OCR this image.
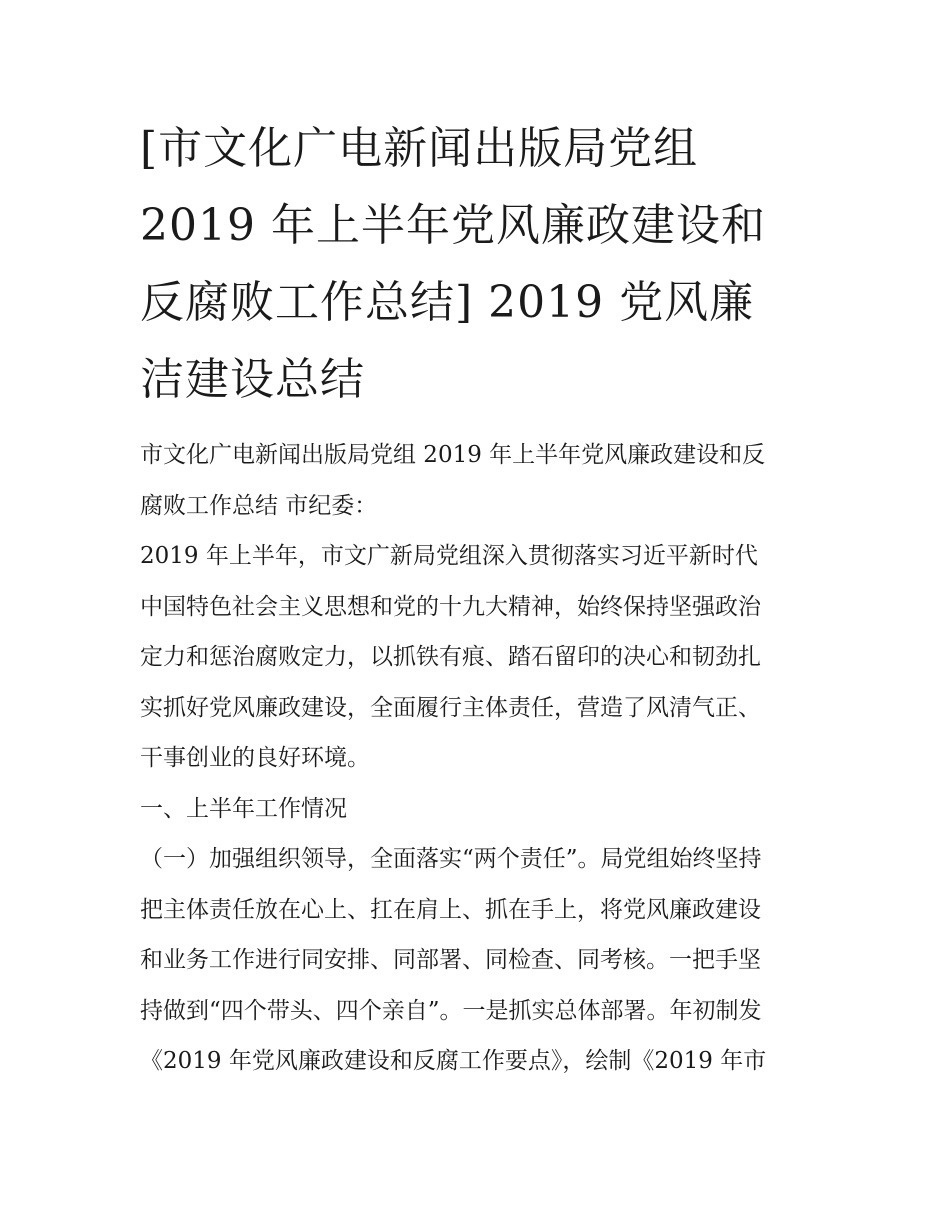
[市文化广电新闻出版局党组
2019 年上半年党风廉政建设和
反腐败工作总结] 2019 党风廉
洁建设总结

市文化广电新闻出版局党组 2019 年上半年党风廉政建设和反
腐败工作总结 市纪委：

2019 年上半年，市文广新局党组深入贯彻落实习近平新时代
中国特色社会主义思想和党的十九大精神，始终保持坚强政治
定力和惩治腐败定力，以抓铁有痕、踏石留印的决心和韧劲扎
实抓好党风廉政建设，全面履行主体责任，营造了风清气正、
干事创业的良好环境。

一、上半年工作情况

（一）加强组织领导，全面落实“两个责任”。局党组始终坚持
把主体责任放在心上、扛在肩上、抓在手上，将党风廉政建设
和业务工作进行同安排、同部署、同检查、同考核。一把手坚
持做到“四个带头、四个亲自”。一是抓实总体部署。年初制发
《2019 年党风廉政建设和反腐工作要点》，绘制《2019 年市
